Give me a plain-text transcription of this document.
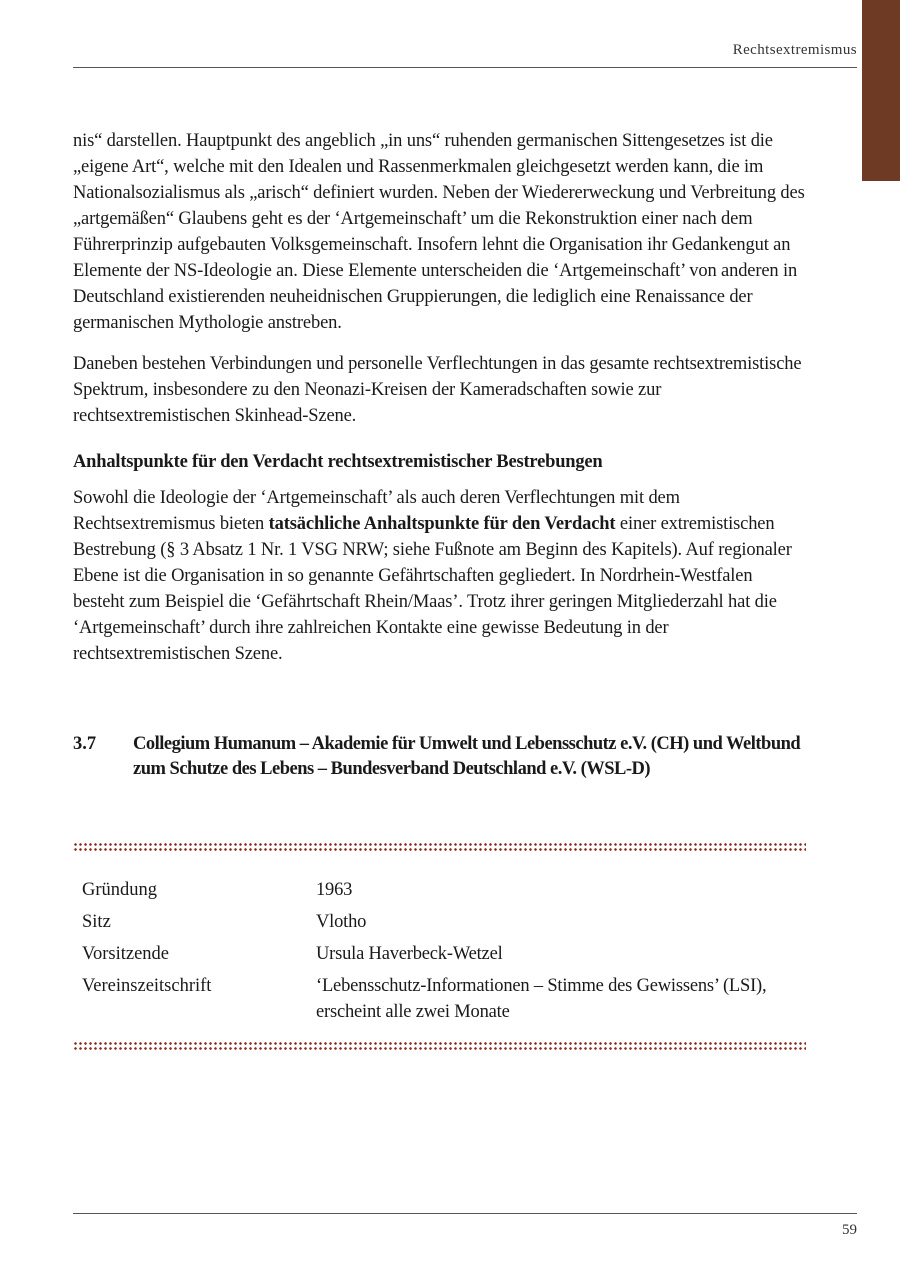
Rechtsextremismus

nis“ darstellen. Hauptpunkt des angeblich „in uns“ ruhenden germanischen Sittengesetzes ist die „eigene Art“, welche mit den Idealen und Rassenmerkmalen gleichgesetzt werden kann, die im Nationalsozialismus als „arisch“ definiert wurden. Neben der Wiedererweckung und Verbreitung des „artgemäßen“ Glaubens geht es der ‘Artgemeinschaft’ um die Rekonstruktion einer nach dem Führerprinzip aufgebauten Volksgemeinschaft. Insofern lehnt die Organisation ihr Gedankengut an Elemente der NS-Ideologie an. Diese Elemente unterscheiden die ‘Artgemeinschaft’ von anderen in Deutschland existierenden neuheidnischen Gruppierungen, die lediglich eine Renaissance der germanischen Mythologie anstreben.

Daneben bestehen Verbindungen und personelle Verflechtungen in das gesamte rechtsextremistische Spektrum, insbesondere zu den Neonazi-Kreisen der Kameradschaften sowie zur rechtsextremistischen Skinhead-Szene.

Anhaltspunkte für den Verdacht rechtsextremistischer Bestrebungen

Sowohl die Ideologie der ‘Artgemeinschaft’ als auch deren Verflechtungen mit dem Rechtsextremismus bieten tatsächliche Anhaltspunkte für den Verdacht einer extremistischen Bestrebung (§ 3 Absatz 1 Nr. 1 VSG NRW; siehe Fußnote am Beginn des Kapitels). Auf regionaler Ebene ist die Organisation in so genannte Gefährtschaften gegliedert. In Nordrhein-Westfalen besteht zum Beispiel die ‘Gefährtschaft Rhein/Maas’. Trotz ihrer geringen Mitgliederzahl hat die ‘Artgemeinschaft’ durch ihre zahlreichen Kontakte eine gewisse Bedeutung in der rechtsextremistischen Szene.

3.7 Collegium Humanum – Akademie für Umwelt und Lebensschutz e.V. (CH) und Weltbund zum Schutze des Lebens – Bundesverband Deutschland e.V. (WSL-D)
Gründung	1963
Sitz	Vlotho
Vorsitzende	Ursula Haverbeck-Wetzel
Vereinszeitschrift	‘Lebensschutz-Informationen – Stimme des Gewissens’ (LSI), erscheint alle zwei Monate
59
